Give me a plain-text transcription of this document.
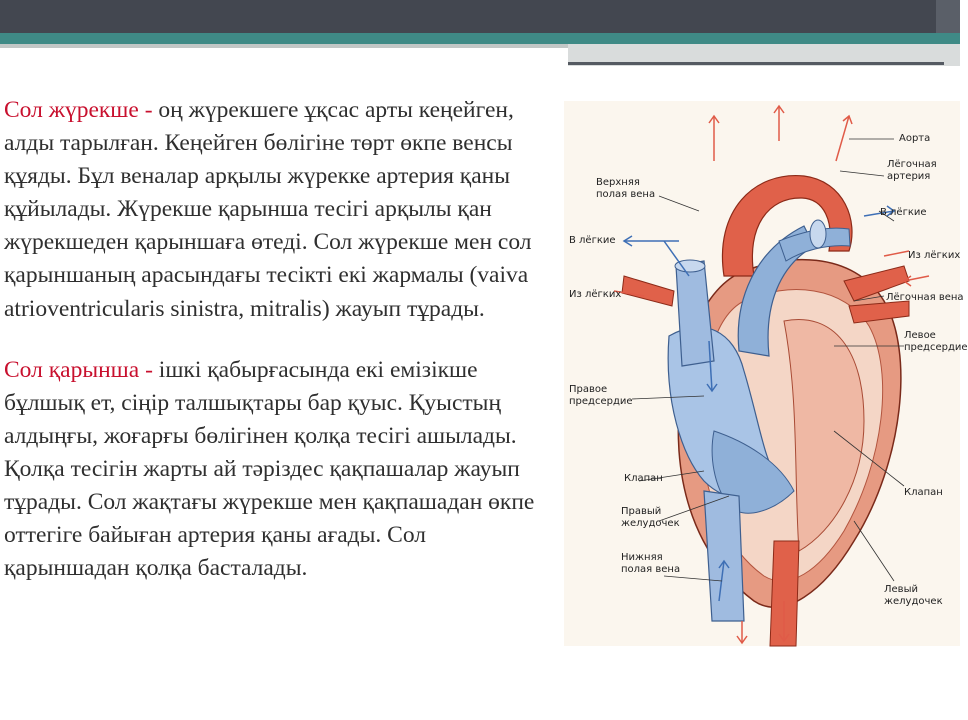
Сол жүрекше - оң жүрекшеге ұқсас арты кеңейген, алды тарылған. Кеңейген бөлігіне төрт өкпе венсы құяды. Бұл веналар арқылы жүрекке артерия қаны құйылады. Жүрекше қарынша тесігі арқылы қан жүрекшеден қарыншаға өтеді. Сол жүрекше мен сол қарыншаның арасындағы тесікті екі жармалы (vaiva atrioventricularis sinistra, mitralis) жауып тұрады.

Сол қарынша - ішкі қабырғасында екі емізікше бұлшық ет, сіңір талшықтары бар қуыс. Қуыстың алдыңғы, жоғарғы бөлігінен қолқа тесігі ашылады. Қолқа тесігін жарты ай тәріздес қақпашалар жауып тұрады. Сол жақтағы жүрекше мен қақпашадан өкпе оттегіге байыған артерия қаны ағады. Сол қарыншадан қолқа басталады.

Аорта
Лёгочная
артерия
Верхняя
полая вена
В лёгкие
В лёгкие
Из лёгких
Из лёгких	Лёгочная вена
Левое
предсердие
Правое
предсердие
Клапан
Клапан
Правый
желудочек
Нижняя
полая вена
Левый
желудочек
